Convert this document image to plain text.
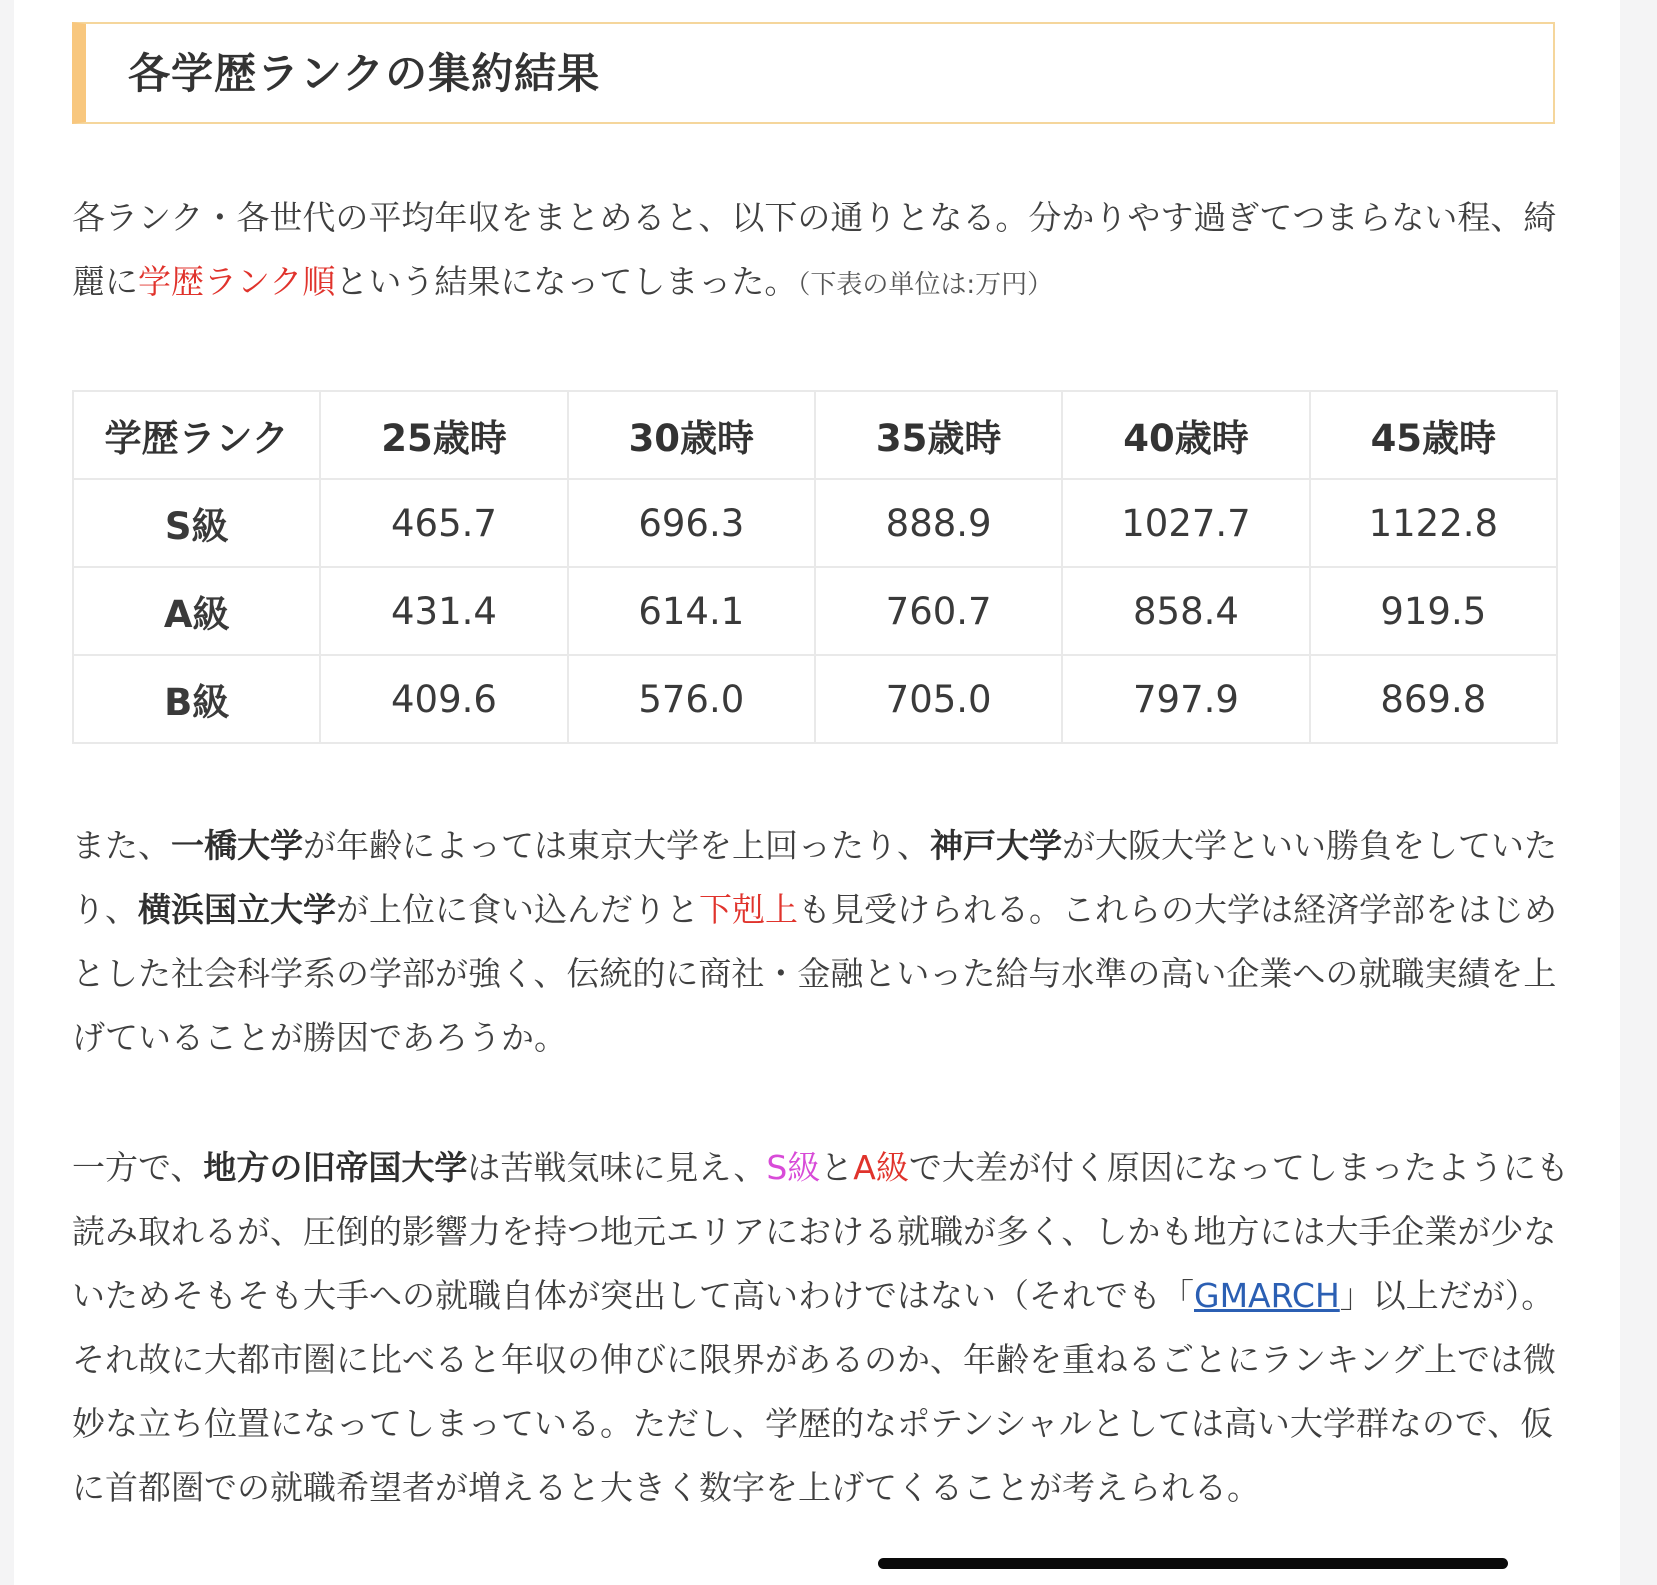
各学歴ランクの集約結果

各ランク・各世代の平均年収をまとめると、以下の通りとなる。分かりやす過ぎてつまらない程、綺麗に学歴ランク順という結果になってしまった。（下表の単位は:万円）

学歴ランク	25歳時	30歳時	35歳時	40歳時	45歳時
S級	465.7	696.3	888.9	1027.7	1122.8
A級	431.4	614.1	760.7	858.4	919.5
B級	409.6	576.0	705.0	797.9	869.8

また、一橋大学が年齢によっては東京大学を上回ったり、神戸大学が大阪大学といい勝負をしていたり、横浜国立大学が上位に食い込んだりと下剋上も見受けられる。これらの大学は経済学部をはじめとした社会科学系の学部が強く、伝統的に商社・金融といった給与水準の高い企業への就職実績を上げていることが勝因であろうか。

一方で、地方の旧帝国大学は苦戦気味に見え、S級とA級で大差が付く原因になってしまったようにも読み取れるが、圧倒的影響力を持つ地元エリアにおける就職が多く、しかも地方には大手企業が少ないためそもそも大手への就職自体が突出して高いわけではない（それでも「GMARCH」以上だが）。それ故に大都市圏に比べると年収の伸びに限界があるのか、年齢を重ねるごとにランキング上では微妙な立ち位置になってしまっている。ただし、学歴的なポテンシャルとしては高い大学群なので、仮に首都圏での就職希望者が増えると大きく数字を上げてくることが考えられる。
